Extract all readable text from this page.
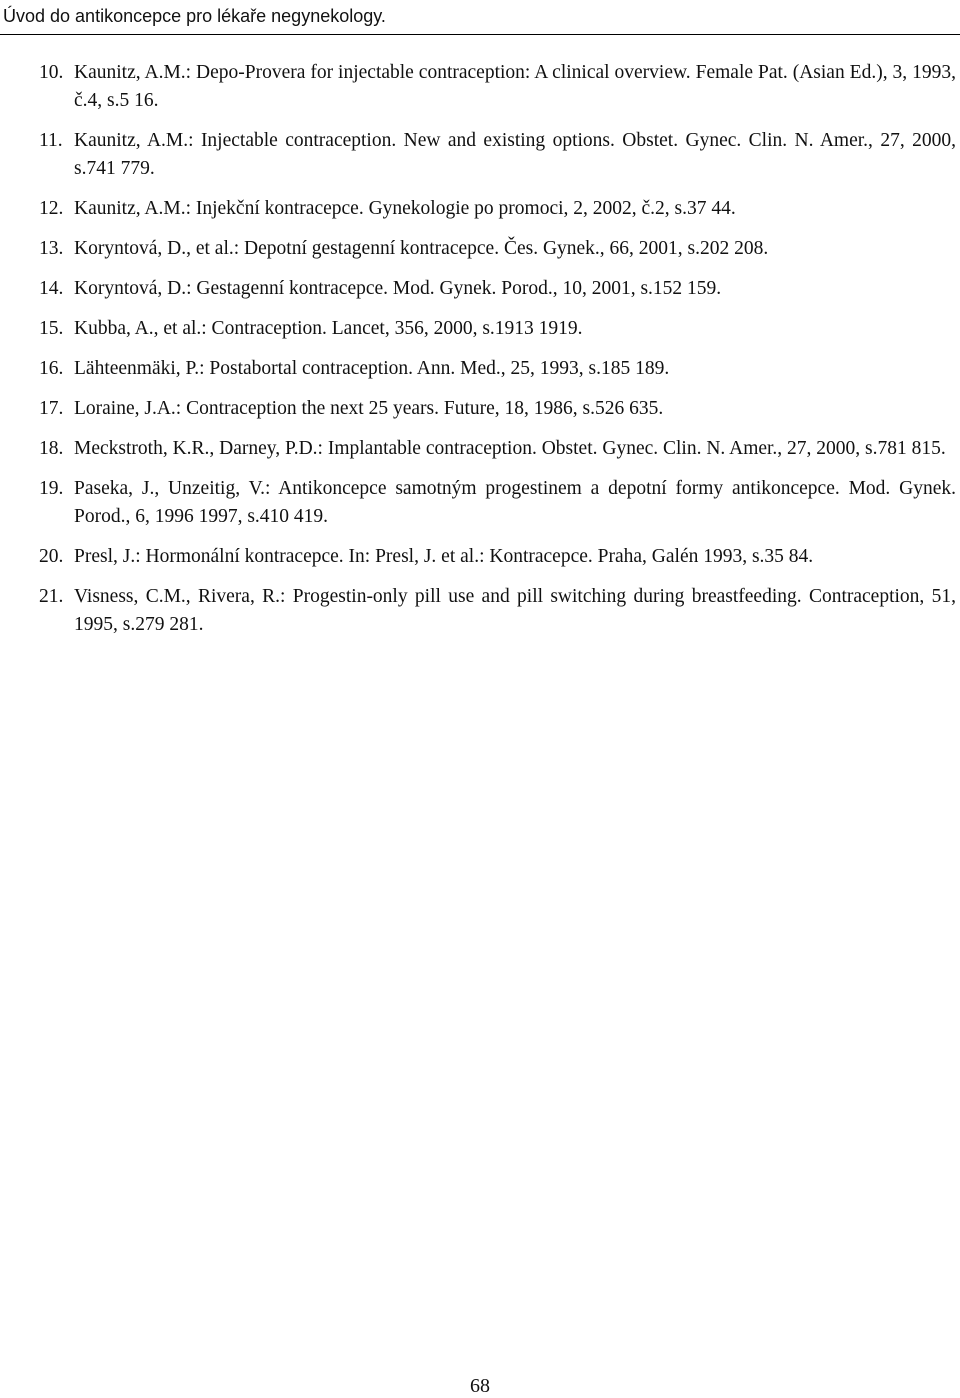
Úvod do antikoncepce pro lékaře negynekology.
10. Kaunitz, A.M.: Depo-Provera for injectable contraception: A clinical overview. Female Pat. (Asian Ed.), 3, 1993, č.4, s.5 16.
11. Kaunitz, A.M.: Injectable contraception. New and existing options. Obstet. Gynec. Clin. N. Amer., 27, 2000, s.741 779.
12. Kaunitz, A.M.: Injekční kontracepce. Gynekologie po promoci, 2, 2002, č.2, s.37 44.
13. Koryntová, D., et al.: Depotní gestagenní kontracepce. Čes. Gynek., 66, 2001, s.202 208.
14. Koryntová, D.: Gestagenní kontracepce. Mod. Gynek. Porod., 10, 2001, s.152 159.
15. Kubba, A., et al.: Contraception. Lancet, 356, 2000, s.1913 1919.
16. Lähteenmäki, P.: Postabortal contraception. Ann. Med., 25, 1993, s.185 189.
17. Loraine, J.A.: Contraception the next 25 years. Future, 18, 1986, s.526 635.
18. Meckstroth, K.R., Darney, P.D.: Implantable contraception. Obstet. Gynec. Clin. N. Amer., 27, 2000, s.781 815.
19. Paseka, J., Unzeitig, V.: Antikoncepce samotným progestinem a depotní formy antikoncepce. Mod. Gynek. Porod., 6, 1996 1997, s.410 419.
20. Presl, J.: Hormonální kontracepce. In: Presl, J. et al.: Kontracepce. Praha, Galén 1993, s.35 84.
21. Visness, C.M., Rivera, R.: Progestin-only pill use and pill switching during breastfeeding. Contraception, 51, 1995, s.279 281.
68
